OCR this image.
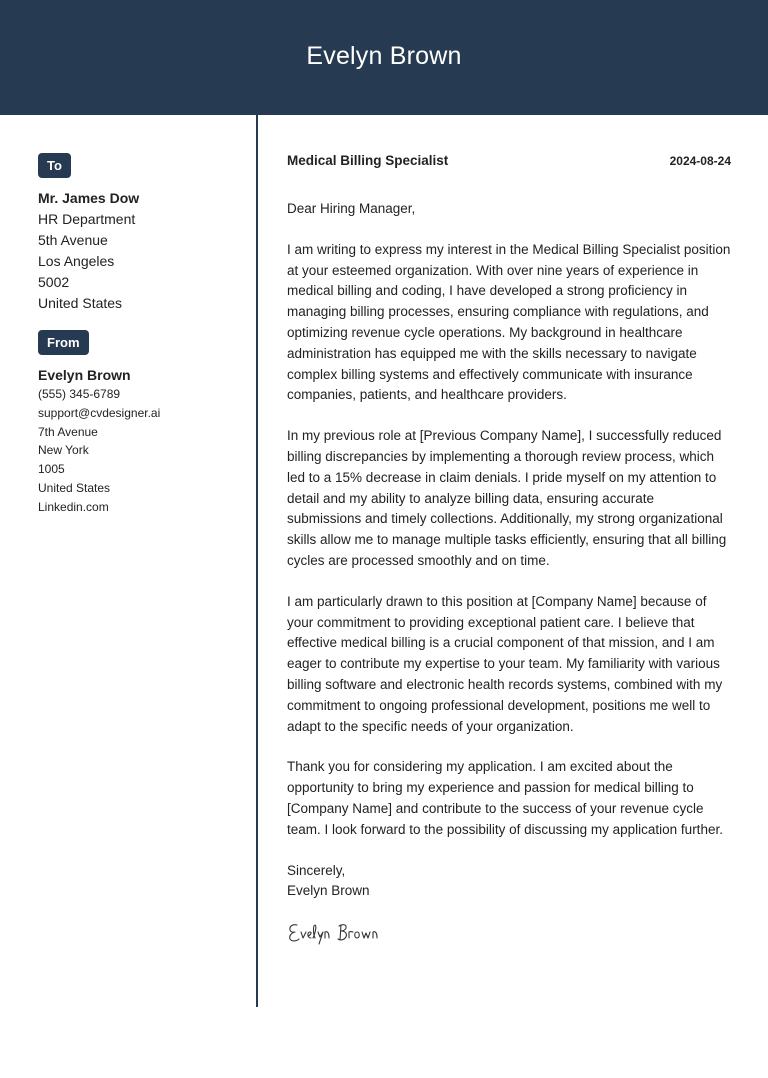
Evelyn Brown
To
Mr. James Dow
HR Department
5th Avenue
Los Angeles
5002
United States
From
Evelyn Brown
(555) 345-6789
support@cvdesigner.ai
7th Avenue
New York
1005
United States
Linkedin.com
Medical Billing Specialist	2024-08-24
Dear Hiring Manager,
I am writing to express my interest in the Medical Billing Specialist position at your esteemed organization. With over nine years of experience in medical billing and coding, I have developed a strong proficiency in managing billing processes, ensuring compliance with regulations, and optimizing revenue cycle operations. My background in healthcare administration has equipped me with the skills necessary to navigate complex billing systems and effectively communicate with insurance companies, patients, and healthcare providers.
In my previous role at [Previous Company Name], I successfully reduced billing discrepancies by implementing a thorough review process, which led to a 15% decrease in claim denials. I pride myself on my attention to detail and my ability to analyze billing data, ensuring accurate submissions and timely collections. Additionally, my strong organizational skills allow me to manage multiple tasks efficiently, ensuring that all billing cycles are processed smoothly and on time.
I am particularly drawn to this position at [Company Name] because of your commitment to providing exceptional patient care. I believe that effective medical billing is a crucial component of that mission, and I am eager to contribute my expertise to your team. My familiarity with various billing software and electronic health records systems, combined with my commitment to ongoing professional development, positions me well to adapt to the specific needs of your organization.
Thank you for considering my application. I am excited about the opportunity to bring my experience and passion for medical billing to [Company Name] and contribute to the success of your revenue cycle team. I look forward to the possibility of discussing my application further.
Sincerely,
Evelyn Brown
